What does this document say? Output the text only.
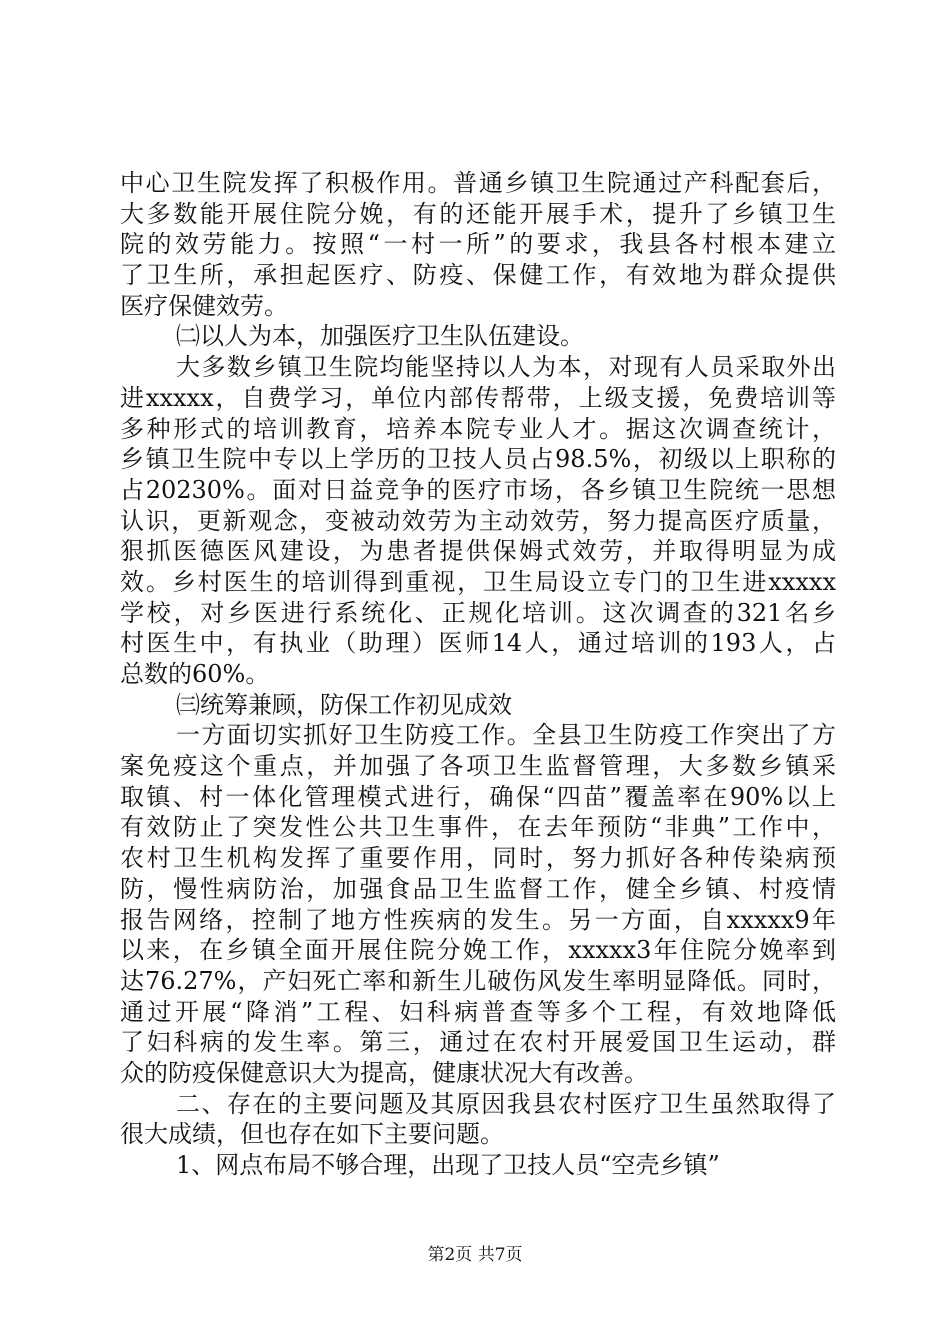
中心卫生院发挥了积极作用。普通乡镇卫生院通过产科配套后，
大多数能开展住院分娩，有的还能开展手术，提升了乡镇卫生
院的效劳能力。按照“一村一所”的要求，我县各村根本建立
了卫生所，承担起医疗、防疫、保健工作，有效地为群众提供
医疗保健效劳。
㈡以人为本，加强医疗卫生队伍建设。
大多数乡镇卫生院均能坚持以人为本，对现有人员采取外出
进xxxxx，自费学习，单位内部传帮带，上级支援，免费培训等
多种形式的培训教育，培养本院专业人才。据这次调查统计，
乡镇卫生院中专以上学历的卫技人员占98.5%，初级以上职称的
占20230%。面对日益竞争的医疗市场，各乡镇卫生院统一思想
认识，更新观念，变被动效劳为主动效劳，努力提高医疗质量，
狠抓医德医风建设，为患者提供保姆式效劳，并取得明显为成
效。乡村医生的培训得到重视，卫生局设立专门的卫生进xxxxx
学校，对乡医进行系统化、正规化培训。这次调查的321名乡
村医生中，有执业（助理）医师14人，通过培训的193人，占
总数的60%。
㈢统筹兼顾，防保工作初见成效
一方面切实抓好卫生防疫工作。全县卫生防疫工作突出了方
案免疫这个重点，并加强了各项卫生监督管理，大多数乡镇采
取镇、村一体化管理模式进行，确保“四苗”覆盖率在90%以上
有效防止了突发性公共卫生事件，在去年预防“非典”工作中，
农村卫生机构发挥了重要作用，同时，努力抓好各种传染病预
防，慢性病防治，加强食品卫生监督工作，健全乡镇、村疫情
报告网络，控制了地方性疾病的发生。另一方面，自xxxxx9年
以来，在乡镇全面开展住院分娩工作，xxxxx3年住院分娩率到
达76.27%，产妇死亡率和新生儿破伤风发生率明显降低。同时，
通过开展“降消”工程、妇科病普查等多个工程，有效地降低
了妇科病的发生率。第三，通过在农村开展爱国卫生运动，群
众的防疫保健意识大为提高，健康状况大有改善。
二、存在的主要问题及其原因我县农村医疗卫生虽然取得了
很大成绩，但也存在如下主要问题。
1、网点布局不够合理，出现了卫技人员“空壳乡镇”
第2页 共7页
